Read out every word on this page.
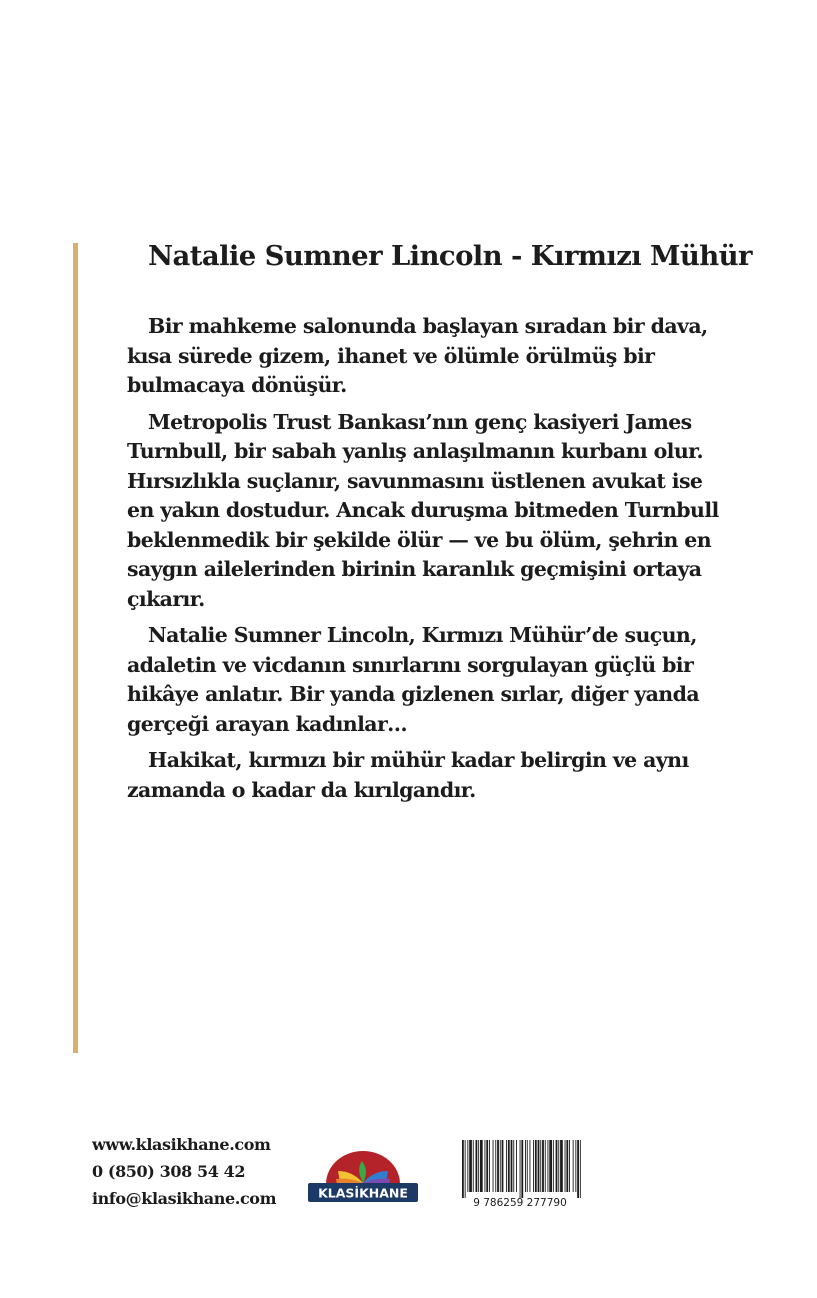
Natalie Sumner Lincoln - Kırmızı Mühür

Bir mahkeme salonunda başlayan sıradan bir dava, kısa süredе gizem, ihanet ve ölümle örülmüş bir bulmacaya dönüşür.

Metropolis Trust Bankası’nın genç kasiyeri James Turnbull, bir sabah yanlış anlaşılmanın kurbanı olur. Hırsızlıkla suçlanır, savunmasını üstlenen avukat ise en yakın dostudur. Ancak duruşma bitmeden Turnbull beklenmedik bir şekilde ölür — ve bu ölüm, şehrin en saygın ailelerinden birinin karanlık geçmişini ortaya çıkarır.

Natalie Sumner Lincoln, Kırmızı Mühür’de suçun, adaletin ve vicdanın sınırlarını sorgulayan güçlü bir hikâye anlatır. Bir yanda gizlenen sırlar, diğer yanda gerçeği arayan kadınlar…

Hakikat, kırmızı bir mühür kadar belirgin ve aynı zamanda o kadar da kırılgandır.

www.klasikhane.com
0 (850) 308 54 42
info@klasikhane.com	KLASİKHANE
9 786259 277790
